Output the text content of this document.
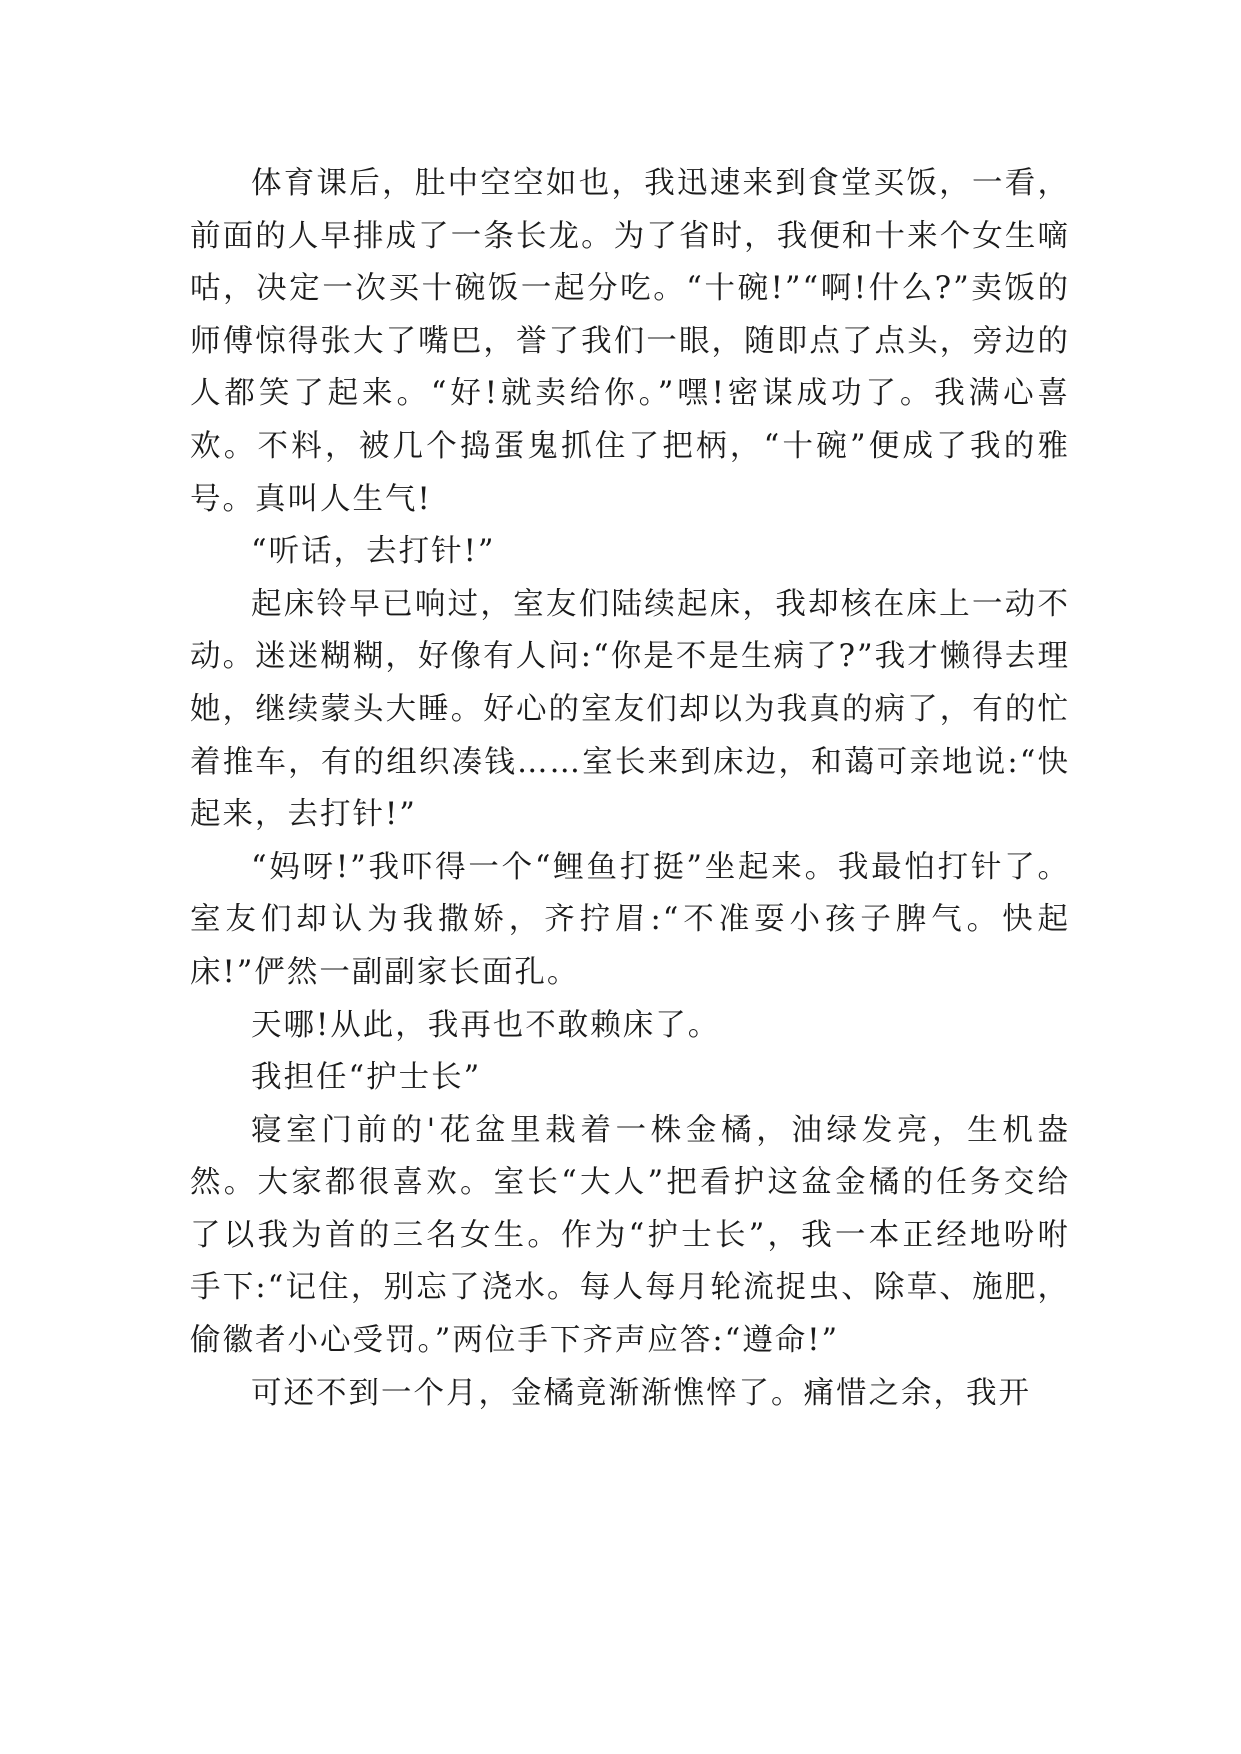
体育课后，肚中空空如也，我迅速来到食堂买饭，一看，前面的人早排成了一条长龙。为了省时，我便和十来个女生嘀咕，决定一次买十碗饭一起分吃。“十碗!”“啊!什么?”卖饭的师傅惊得张大了嘴巴，誉了我们一眼，随即点了点头，旁边的人都笑了起来。“好!就卖给你。”嘿!密谋成功了。我满心喜欢。不料，被几个捣蛋鬼抓住了把柄，“十碗”便成了我的雅号。真叫人生气!

“听话，去打针!”

起床铃早已响过，室友们陆续起床，我却核在床上一动不动。迷迷糊糊，好像有人问:“你是不是生病了?”我才懒得去理她，继续蒙头大睡。好心的室友们却以为我真的病了，有的忙着推车，有的组织凑钱……室长来到床边，和蔼可亲地说:“快起来，去打针!”

“妈呀!”我吓得一个“鲤鱼打挺”坐起来。我最怕打针了。室友们却认为我撒娇，齐拧眉:“不准耍小孩子脾气。快起床!”俨然一副副家长面孔。

天哪!从此，我再也不敢赖床了。

我担任“护士长”

寝室门前的'花盆里栽着一株金橘，油绿发亮，生机盎然。大家都很喜欢。室长“大人”把看护这盆金橘的任务交给了以我为首的三名女生。作为“护士长”，我一本正经地吩咐手下:“记住，别忘了浇水。每人每月轮流捉虫、除草、施肥，偷徽者小心受罚。”两位手下齐声应答:“遵命!”

可还不到一个月，金橘竟渐渐憔悴了。痛惜之余，我开
